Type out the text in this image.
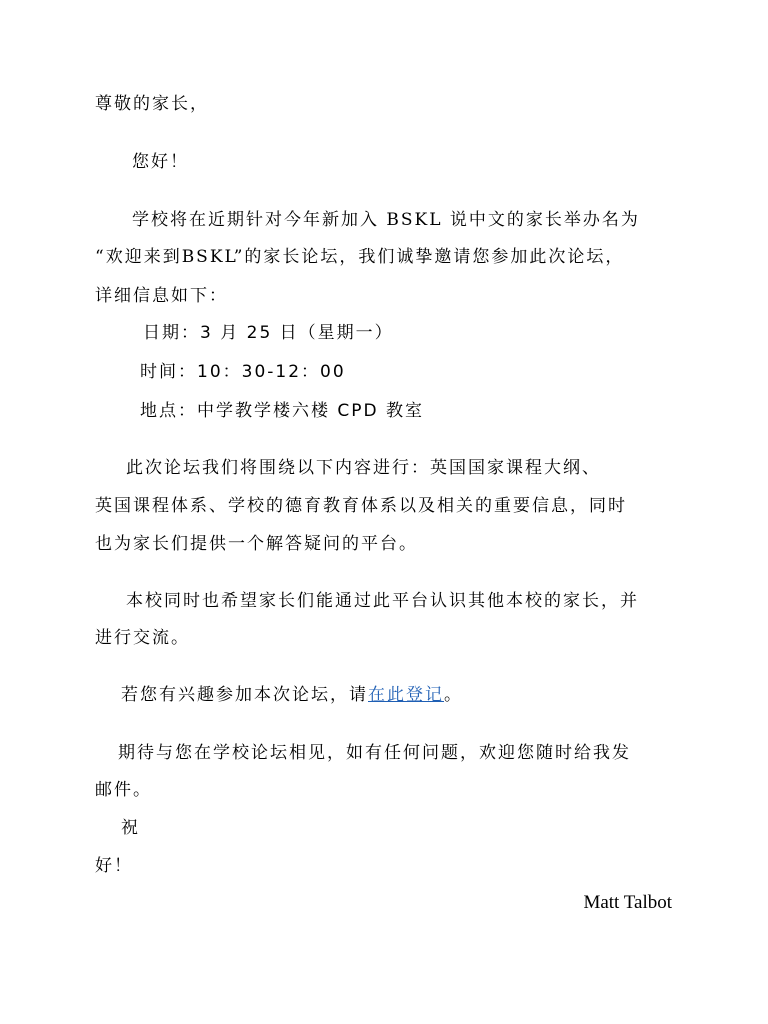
尊敬的家长，
您好！
学校将在近期针对今年新加入 BSKL 说中文的家长举办名为
“欢迎来到BSKL”的家长论坛，我们诚挚邀请您参加此次论坛，
详细信息如下：
日期：3 月 25 日（星期一）
时间：10：30-12：00
地点：中学教学楼六楼 CPD 教室
此次论坛我们将围绕以下内容进行：英国国家课程大纲、
英国课程体系、学校的德育教育体系以及相关的重要信息，同时
也为家长们提供一个解答疑问的平台。
本校同时也希望家长们能通过此平台认识其他本校的家长，并
进行交流。
若您有兴趣参加本次论坛，请在此登记。
期待与您在学校论坛相见，如有任何问题，欢迎您随时给我发
邮件。
祝
好！
Matt Talbot
